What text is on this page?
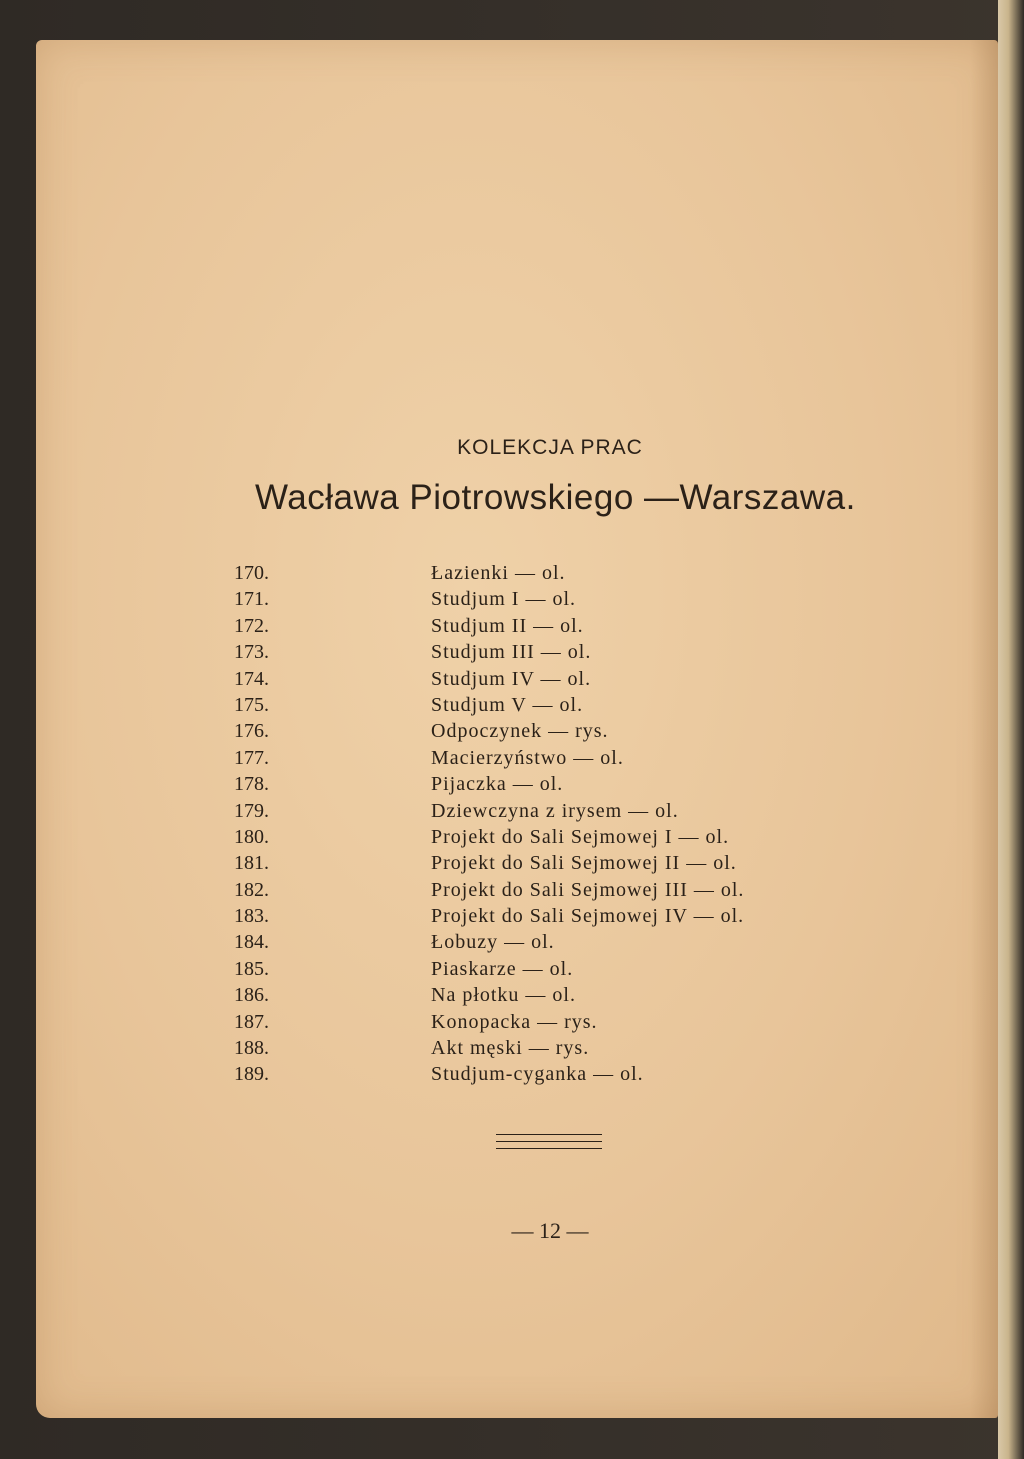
KOLEKCJA PRAC
Wacława Piotrowskiego —Warszawa.
170.	Łazienki — ol.
171.	Studjum I — ol.
172.	Studjum II — ol.
173.	Studjum III — ol.
174.	Studjum IV — ol.
175.	Studjum V — ol.
176.	Odpoczynek — rys.
177.	Macierzyństwo — ol.
178.	Pijaczka — ol.
179.	Dziewczyna z irysem — ol.
180.	Projekt do Sali Sejmowej I — ol.
181.	Projekt do Sali Sejmowej II — ol.
182.	Projekt do Sali Sejmowej III — ol.
183.	Projekt do Sali Sejmowej IV — ol.
184.	Łobuzy — ol.
185.	Piaskarze — ol.
186.	Na płotku — ol.
187.	Konopacka — rys.
188.	Akt męski — rys.
189.	Studjum-cyganka — ol.
— 12 —
